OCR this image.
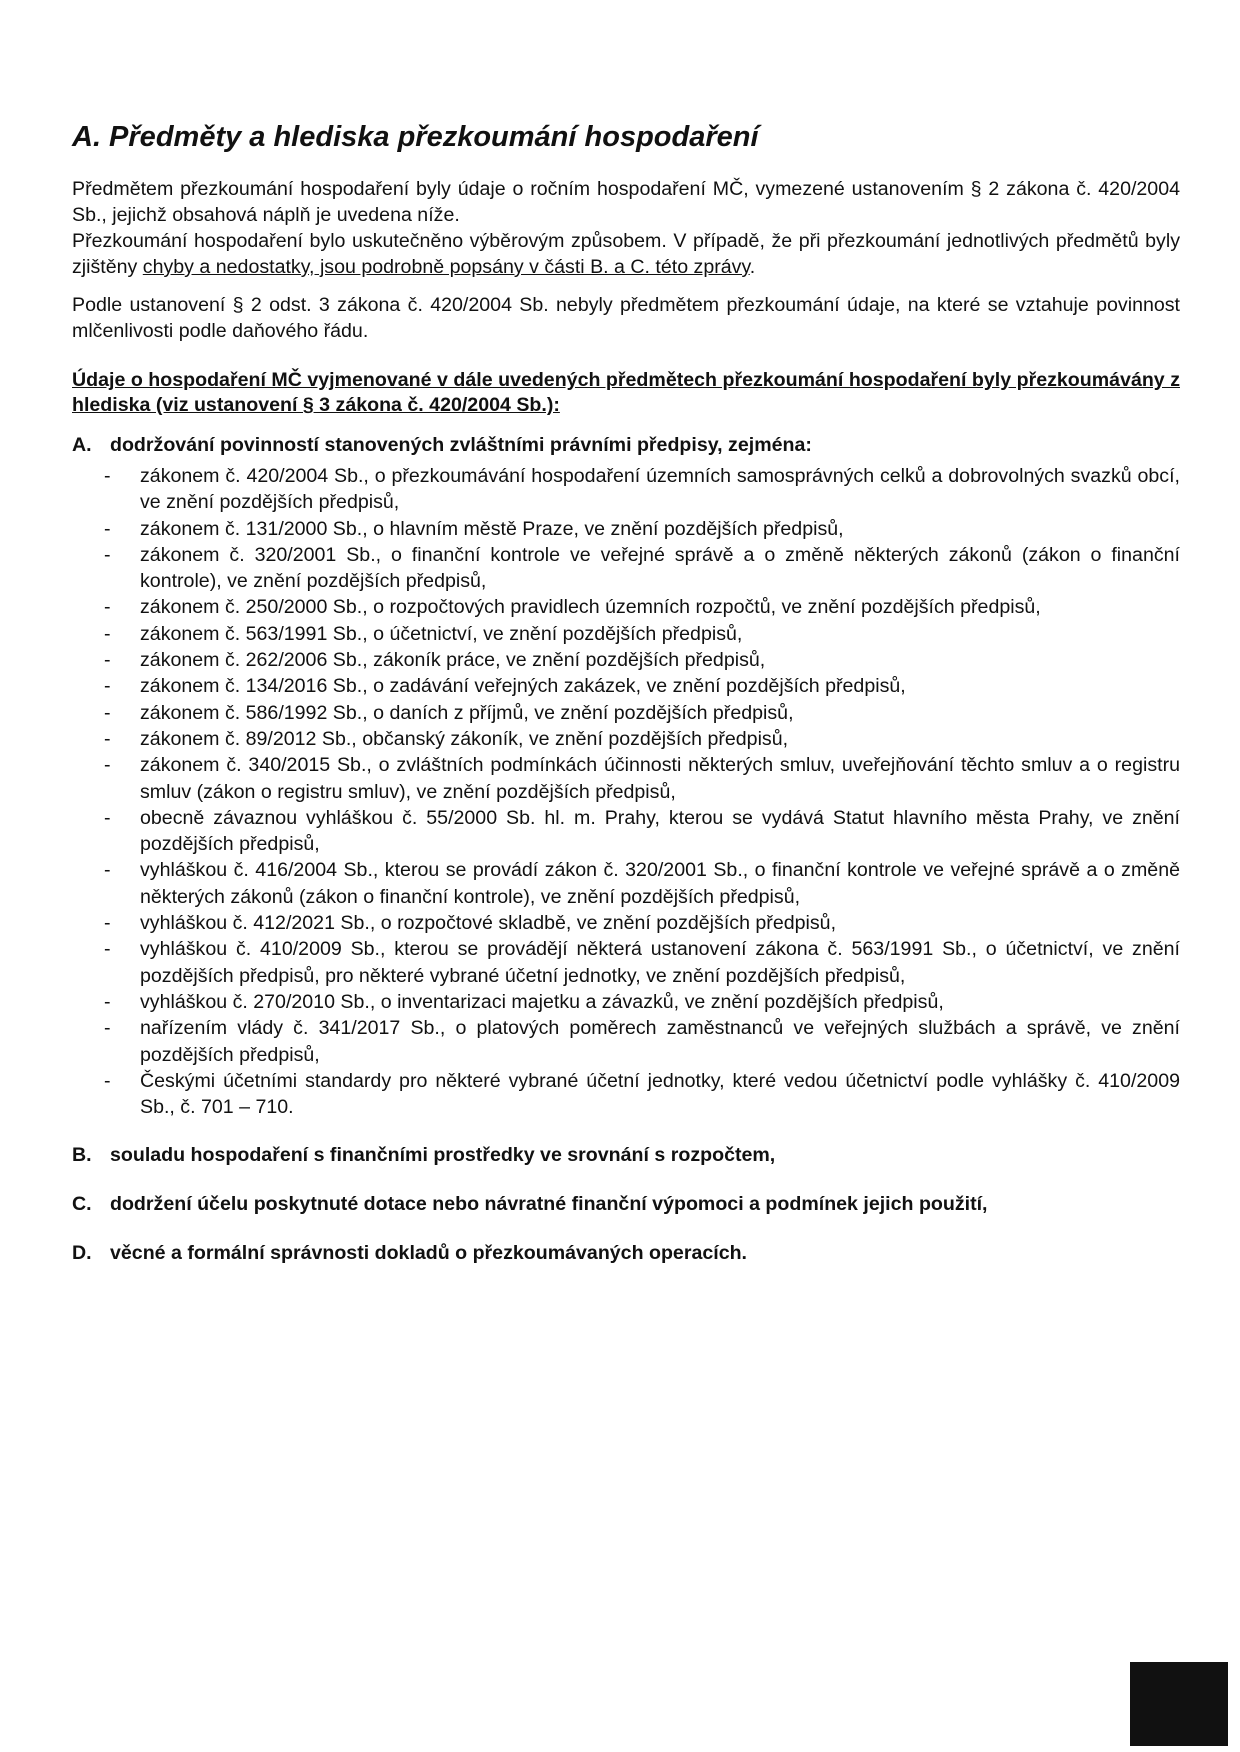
A. Předměty a hlediska přezkoumání hospodaření

Předmětem přezkoumání hospodaření byly údaje o ročním hospodaření MČ, vymezené ustanovením § 2 zákona č. 420/2004 Sb., jejichž obsahová náplň je uvedena níže.

Přezkoumání hospodaření bylo uskutečněno výběrovým způsobem. V případě, že při přezkoumání jednotlivých předmětů byly zjištěny chyby a nedostatky, jsou podrobně popsány v části B. a C. této zprávy.

Podle ustanovení § 2 odst. 3 zákona č. 420/2004 Sb. nebyly předmětem přezkoumání údaje, na které se vztahuje povinnost mlčenlivosti podle daňového řádu.

Údaje o hospodaření MČ vyjmenované v dále uvedených předmětech přezkoumání hospodaření byly přezkoumávány z hlediska (viz ustanovení § 3 zákona č. 420/2004 Sb.):
A. dodržování povinností stanovených zvláštními právními předpisy, zejména:
-	zákonem č. 420/2004 Sb., o přezkoumávání hospodaření územních samosprávných celků a dobrovolných svazků obcí, ve znění pozdějších předpisů,
-	zákonem č. 131/2000 Sb., o hlavním městě Praze, ve znění pozdějších předpisů,
-	zákonem č. 320/2001 Sb., o finanční kontrole ve veřejné správě a o změně některých zákonů (zákon o finanční kontrole), ve znění pozdějších předpisů,
-	zákonem č. 250/2000 Sb., o rozpočtových pravidlech územních rozpočtů, ve znění pozdějších předpisů,
-	zákonem č. 563/1991 Sb., o účetnictví, ve znění pozdějších předpisů,
-	zákonem č. 262/2006 Sb., zákoník práce, ve znění pozdějších předpisů,
-	zákonem č. 134/2016 Sb., o zadávání veřejných zakázek, ve znění pozdějších předpisů,
-	zákonem č. 586/1992 Sb., o daních z příjmů, ve znění pozdějších předpisů,
-	zákonem č. 89/2012 Sb., občanský zákoník, ve znění pozdějších předpisů,
-	zákonem č. 340/2015 Sb., o zvláštních podmínkách účinnosti některých smluv, uveřejňování těchto smluv a o registru smluv (zákon o registru smluv), ve znění pozdějších předpisů,
-	obecně závaznou vyhláškou č. 55/2000 Sb. hl. m. Prahy, kterou se vydává Statut hlavního města Prahy, ve znění pozdějších předpisů,
-	vyhláškou č. 416/2004 Sb., kterou se provádí zákon č. 320/2001 Sb., o finanční kontrole ve veřejné správě a o změně některých zákonů (zákon o finanční kontrole), ve znění pozdějších předpisů,
-	vyhláškou č. 412/2021 Sb., o rozpočtové skladbě, ve znění pozdějších předpisů,
-	vyhláškou č. 410/2009 Sb., kterou se provádějí některá ustanovení zákona č. 563/1991 Sb., o účetnictví, ve znění pozdějších předpisů, pro některé vybrané účetní jednotky, ve znění pozdějších předpisů,
-	vyhláškou č. 270/2010 Sb., o inventarizaci majetku a závazků, ve znění pozdějších předpisů,
-	nařízením vlády č. 341/2017 Sb., o platových poměrech zaměstnanců ve veřejných službách a správě, ve znění pozdějších předpisů,
-	Českými účetními standardy pro některé vybrané účetní jednotky, které vedou účetnictví podle vyhlášky č. 410/2009 Sb., č. 701 – 710.
B. souladu hospodaření s finančními prostředky ve srovnání s rozpočtem,
C. dodržení účelu poskytnuté dotace nebo návratné finanční výpomoci a podmínek jejich použití,
D. věcné a formální správnosti dokladů o přezkoumávaných operacích.
